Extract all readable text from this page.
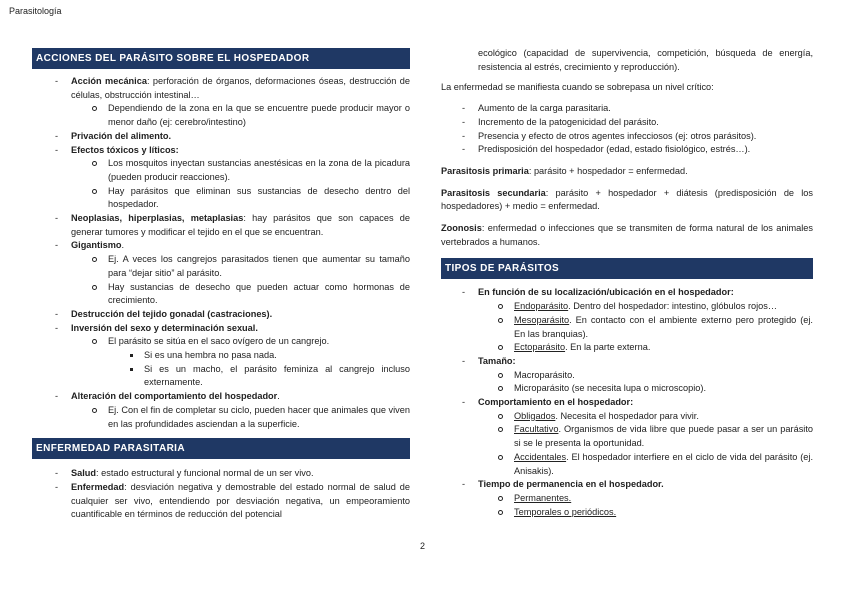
Parasitología
ACCIONES DEL PARÁSITO SOBRE EL HOSPEDADOR
- Acción mecánica: perforación de órganos, deformaciones óseas, destrucción de células, obstrucción intestinal…
Dependiendo de la zona en la que se encuentre puede producir mayor o menor daño (ej: cerebro/intestino)
- Privación del alimento.
- Efectos tóxicos y líticos:
Los mosquitos inyectan sustancias anestésicas en la zona de la picadura (pueden producir reacciones).
Hay parásitos que eliminan sus sustancias de desecho dentro del hospedador.
- Neoplasias, hiperplasias, metaplasias: hay parásitos que son capaces de generar tumores y modificar el tejido en el que se encuentran.
- Gigantismo.
Ej. A veces los cangrejos parasitados tienen que aumentar su tamaño para “dejar sitio” al parásito.
Hay sustancias de desecho que pueden actuar como hormonas de crecimiento.
- Destrucción del tejido gonadal (castraciones).
- Inversión del sexo y determinación sexual.
El parásito se sitúa en el saco ovígero de un cangrejo.
Si es una hembra no pasa nada.
Si es un macho, el parásito feminiza al cangrejo incluso externamente.
- Alteración del comportamiento del hospedador.
Ej. Con el fin de completar su ciclo, pueden hacer que animales que viven en las profundidades asciendan a la superficie.
ENFERMEDAD PARASITARIA
- Salud: estado estructural y funcional normal de un ser vivo.
- Enfermedad: desviación negativa y demostrable del estado normal de salud de cualquier ser vivo, entendiendo por desviación negativa, un empeoramiento cuantificable en términos de reducción del potencial

ecológico (capacidad de supervivencia, competición, búsqueda de energía, resistencia al estrés, crecimiento y reproducción).

La enfermedad se manifiesta cuando se sobrepasa un nivel crítico:

- Aumento de la carga parasitaria.
- Incremento de la patogenicidad del parásito.
- Presencia y efecto de otros agentes infecciosos (ej: otros parásitos).
- Predisposición del hospedador (edad, estado fisiológico, estrés…).

Parasitosis primaria: parásito + hospedador = enfermedad.

Parasitosis secundaria: parásito + hospedador + diátesis (predisposición de los hospedadores) + medio = enfermedad.

Zoonosis: enfermedad o infecciones que se transmiten de forma natural de los animales vertebrados a humanos.

TIPOS DE PARÁSITOS
- En función de su localización/ubicación en el hospedador:
Endoparásito. Dentro del hospedador: intestino, glóbulos rojos…
Mesoparásito. En contacto con el ambiente externo pero protegido (ej. En las branquias).
Ectoparásito. En la parte externa.
- Tamaño:
Macroparásito.
Microparásito (se necesita lupa o microscopio).
- Comportamiento en el hospedador:
Obligados. Necesita el hospedador para vivir.
Facultativo. Organismos de vida libre que puede pasar a ser un parásito si se le presenta la oportunidad.
Accidentales. El hospedador interfiere en el ciclo de vida del parásito (ej. Anisakis).
- Tiempo de permanencia en el hospedador.
Permanentes.
Temporales o periódicos.
2
